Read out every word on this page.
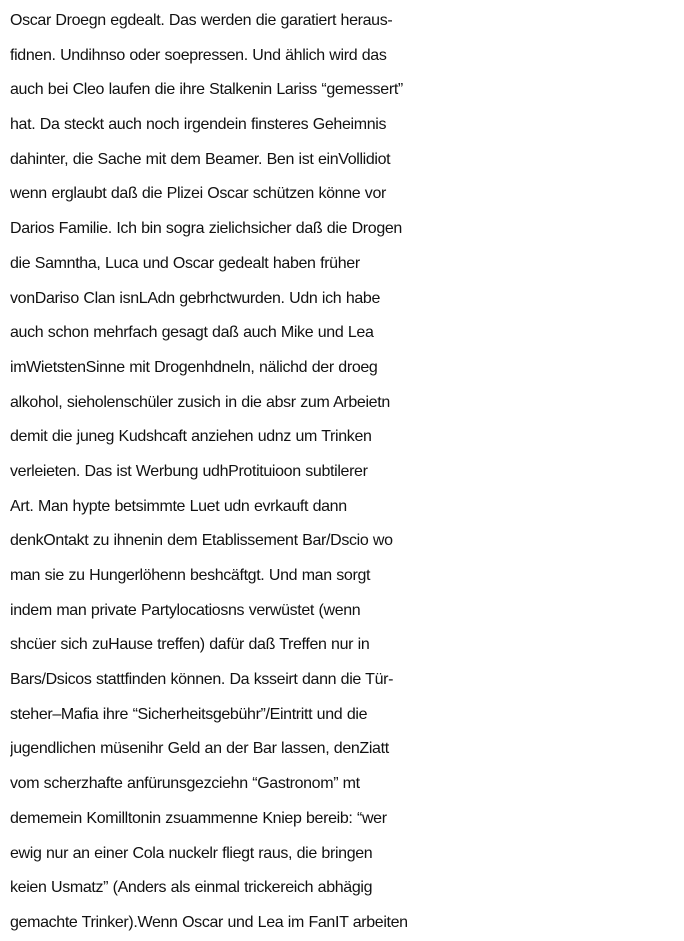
Oscar Droegn egdealt. Das werden die garatiert heraus-
fidnen. Undihnso oder soepressen. Und ählich wird das
auch bei Cleo laufen die ihre Stalkenin Lariss “gemessert”
hat. Da steckt auch noch irgendein finsteres Geheimnis
dahinter, die Sache mit dem Beamer. Ben ist einVollidiot
wenn erglaubt daß die Plizei Oscar schützen könne vor
Darios Familie. Ich bin sogra zielichsicher daß die Drogen
die Samntha, Luca und Oscar gedealt haben früher
vonDariso Clan isnLAdn gebrhctwurden. Udn ich habe
auch schon mehrfach gesagt daß auch Mike und Lea
imWietstenSinne mit Drogenhdneln, nälichd der droeg
alkohol, sieholenschüler zusich in die absr zum Arbeietn
demit die juneg Kudshcaft anziehen udnz um Trinken
verleieten. Das ist Werbung udhProtituioon subtilerer
Art. Man hypte betsimmte Luet udn evrkauft dann
denkOntakt zu ihnenin dem Etablissement Bar/Dscio wo
man sie zu Hungerlöhenn beshcäftgt. Und man sorgt
indem man private Partylocatiosns verwüstet (wenn
shcüer sich zuHause treffen) dafür daß Treffen nur in
Bars/Dsicos stattfinden können. Da ksseirt dann die Tür-
steher–Mafia ihre “Sicherheitsgebühr”/Eintritt und die
jugendlichen müsenihr Geld an der Bar lassen, denZiatt
vom scherzhafte anfürunsgezciehn “Gastronom” mt
dememein Komilltonin zsuammenne Kniep bereib: “wer
ewig nur an einer Cola nuckelr fliegt raus, die bringen
keien Usmatz” (Anders als einmal trickereich abhägig
gemachte Trinker).Wenn Oscar und Lea im FanIT arbeiten
